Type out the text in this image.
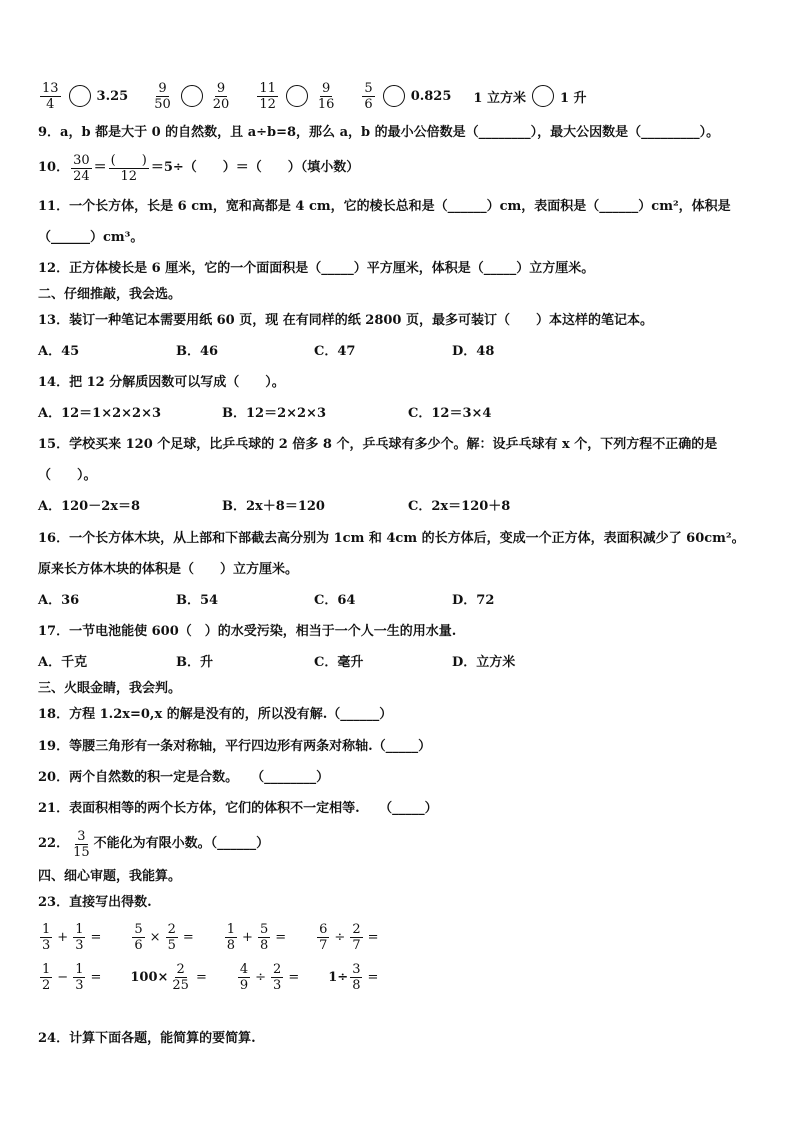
$\frac{13}{4}$	$3.25 \frac{9}{50}$	$\frac{9}{20} \frac{11}{12}$	$\frac{9}{16} \frac{5}{6}$	0.825 1 立方米	1 升
9．a，b 都是大于 0 的自然数，且 a÷b=8，那么 a，b 的最小公倍数是（________），最大公因数是（_________）。
10． $\frac{30}{24} = \frac{( )}{12} =5\div$（　　）＝（　　）（填小数）
11．一个长方体，长是 6 cm，宽和高都是 4 cm，它的棱长总和是（______）cm，表面积是（______）cm²，体积是
（______）cm³。
12．正方体棱长是 6 厘米，它的一个面面积是（_____）平方厘米，体积是（_____）立方厘米。
二、仔细推敲，我会选。
13．装订一种笔记本需要用纸 60 页，现 在有同样的纸 2800 页，最多可装订（　　）本这样的笔记本。
A．45	B．46	C．47	D．48
14．把 12 分解质因数可以写成（　　）。
A．12＝1×2×2×3	B．12＝2×2×3	C．12＝3×4
15．学校买来 120 个足球，比乒乓球的 2 倍多 8 个，乒乓球有多少个。解：设乒乓球有 x 个，下列方程不正确的是
（　　）。
A．120－2x＝8	B．2x＋8＝120	C．2x＝120＋8
16．一个长方体木块，从上部和下部截去高分别为 1cm 和 4cm 的长方体后，变成一个正方体，表面积减少了 60cm²。
原来长方体木块的体积是（　　）立方厘米。
A．36	B．54	C．64	D．72
17．一节电池能使 600（　）的水受污染，相当于一个人一生的用水量.
A．千克	B．升	C．毫升	D．立方米
三、火眼金睛，我会判。
18．方程 1.2x=0,x 的解是没有的，所以没有解.（______）
19．等腰三角形有一条对称轴，平行四边形有两条对称轴.（_____）
20．两个自然数的积一定是合数。　　（________）
21．表面积相等的两个长方体，它们的体积不一定相等.　　（_____）
22． $\frac{3}{15}$ 不能化为有限小数。（______）
四、细心审题，我能算。
23．直接写出得数.
$\frac{1}{3} + \frac{1}{3} = \frac{5}{6} \times \frac{2}{5} = \frac{1}{8} + \frac{5}{8} = \frac{6}{7} \div \frac{2}{7}$ =
$\frac{1}{2} - \frac{1}{3} = 100\times \frac{2}{25} = \frac{4}{9} \div \frac{2}{3} = 1\div \frac{3}{8}$ =
24．计算下面各题，能简算的要简算.
